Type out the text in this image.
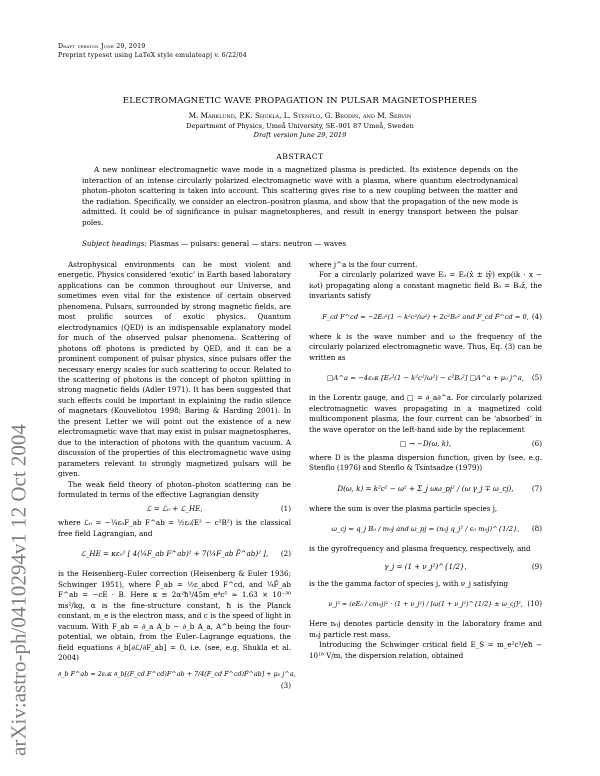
Draft version June 29, 2019
Preprint typeset using LaTeX style emulateapj v. 6/22/04
arXiv:astro-ph/0410294v1 12 Oct 2004
ELECTROMAGNETIC WAVE PROPAGATION IN PULSAR MAGNETOSPHERES
M. Marklund, P.K. Shukla, L. Stenflo, G. Brodin, and M. Servin
Department of Physics, Umeå University, SE–901 87 Umeå, Sweden
Draft version June 29, 2019
ABSTRACT

A new nonlinear electromagnetic wave mode in a magnetized plasma is predicted. Its existence depends on the interaction of an intense circularly polarized electromagnetic wave with a plasma, where quantum electrodynamical photon–photon scattering is taken into account. This scattering gives rise to a new coupling between the matter and the radiation. Specifically, we consider an electron–positron plasma, and show that the propagation of the new mode is admitted. It could be of significance in pulsar magnetospheres, and result in energy transport between the pulsar poles.

Subject headings: Plasmas — pulsars: general — stars: neutron — waves

Astrophysical environments can be most violent and energetic. Physics considered ‘exotic’ in Earth based laboratory applications can be common throughout our Universe, and sometimes even vital for the existence of certain observed phenomena. Pulsars, surrounded by strong magnetic fields, are most prolific sources of exotic physics. Quantum electrodynamics (QED) is an indispensable explanatory model for much of the observed pulsar phenomena. Scattering of photons off photons is predicted by QED, and it can be a prominent component of pulsar physics, since pulsars offer the necessary energy scales for such scattering to occur. Related to the scattering of photons is the concept of photon splitting in strong magnetic fields (Adler 1971). It has been suggested that such effects could be important in explaining the radio silence of magnetars (Kouveliotou 1998; Baring & Harding 2001). In the present Letter we will point out the existence of a new electromagnetic wave that may exist in pulsar magnetospheres, due to the interaction of photons with the quantum vacuum. A discussion of the properties of this electromagnetic wave using parameters relevant to strongly magnetized pulsars will be given.

The weak field theory of photon–photon scattering can be formulated in terms of the effective Lagrangian density

ℒ = ℒ₀ + ℒ_HE,	(1)

where ℒ₀ = −¼ε₀F_ab F^ab = ½ε₀(E² − c²B²) is the classical free field Lagrangian, and

ℒ_HE = κε₀² [ 4(¼F_ab F^ab)² + 7(¼F_ab F̂^ab)² ],	(2)

is the Heisenberg–Euler correction (Heisenberg & Euler 1936; Schwinger 1951), where F̂_ab = ½ε_abcd F^cd, and ¼F̂_ab F^ab = −cE · B. Here κ ≡ 2α²ħ³/45m_e⁴c⁵ ≈ 1.63 × 10⁻³⁰ ms²/kg, α is the fine-structure constant, ħ is the Planck constant, m_e is the electron mass, and c is the speed of light in vacuum. With F_ab = ∂_a A_b − ∂_b A_a, A^b being the four-potential, we obtain, from the Euler–Lagrange equations, the field equations ∂_b[∂ℒ/∂F_ab] = 0, i.e. (see, e.g. Shukla et al. 2004)

∂_b F^ab = 2ε₀κ ∂_b[(F_cd F^cd)F^ab + 7/4(F_cd F̂^cd)F̂^ab] + μ₀ j^a,
(3)

where j^a is the four current.

For a circularly polarized wave E₀ = E₀(x̂ ± iŷ) exp(ik · x − iωt) propagating along a constant magnetic field B₀ = B₀ẑ, the invariants satisfy

F_cd F^cd = −2E₀²(1 − k²c²/ω²) + 2c²B₀² and F_cd F̂^cd = 0, (4)

where k is the wave number and ω the frequency of the circularly polarized electromagnetic wave. Thus, Eq. (3) can be written as

□A^a = −4ε₀κ [E₀²(1 − k²c²/ω²) − c²B₀²] □A^a + μ₀ j^a,	(5)

in the Lorentz gauge, and □ = ∂_a∂^a. For circularly polarized electromagnetic waves propagating in a magnetized cold multicomponent plasma, the four current can be ‘absorbed’ in the wave operator on the left-hand side by the replacement

□ → −D(ω, k),	(6)

where D is the plasma dispersion function, given by (see, e.g. Stenflo (1976) and Stenflo & Tsintsadze (1979))

D(ω, k) = k²c² − ω² + Σ_j ωω_pj² / (ω γ_j ∓ ω_cj),	(7)

where the sum is over the plasma particle species j,

ω_cj = q_j B₀ / m₀j and ω_pj = (n₀j q_j² / ε₀ m₀j)^{1/2},	(8)

is the gyrofrequency and plasma frequency, respectively, and

γ_j = (1 + ν_j²)^{1/2},	(9)

is the the gamma factor of species j, with ν_j satisfying

ν_j² = (eE₀ / cm₀j)² · (1 + ν_j²) / [ω(1 + ν_j²)^{1/2} ± ω_cj]², (10)

Here n₀j denotes particle density in the laboratory frame and m₀j particle rest mass.

Introducing the Schwinger critical field E_S = m_e²c³/eħ ∼ 10¹⁸ V/m, the dispersion relation, obtained
